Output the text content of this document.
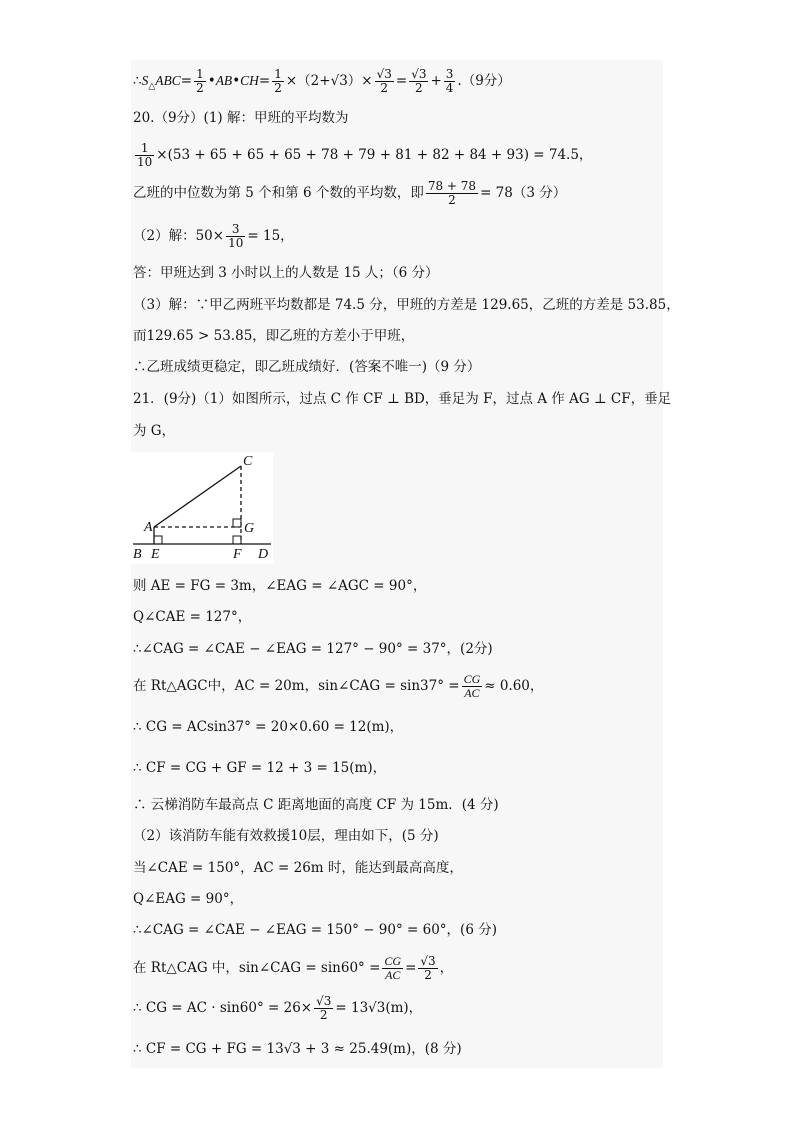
$\therefore S_\triangle ABC= \frac{1}{2}$ •AB•CH= $\frac{1}{2} \times(2+√3)\times \frac{√3}{2} = \frac{√3}{2} + \frac{3}{4} .(9$分）
20.（9分）(1) 解：甲班的平均数为
$\frac{1}{10} \times(53 + 65 + 65 + 65 + 78 + 79 + 81 + 82 + 84 + 93) = 74.5$，
乙班的中位数为第 5 个和第 6 个数的平均数，即 $\frac{78 + 78}{2} = 78(3$ 分）
（2）解：$50\times \frac{3}{10} = 15$，
答：甲班达到 3 小时以上的人数是 15 人；（6 分）
（3）解：∵甲乙两班平均数都是 74.5 分，甲班的方差是 129.65，乙班的方差是 53.85，
而129.65 > 53.85，即乙班的方差小于甲班，
∴乙班成绩更稳定，即乙班成绩好．(答案不唯一)（9 分）
21．(9分)（1）如图所示，过点 C 作 CF ⊥ BD，垂足为 F，过点 A 作 AG ⊥ CF，垂足
为 G，
C
A	G
B E	F D
则 AE = FG = 3m，∠EAG = ∠AGC = 90°，
Q∠CAE = 127°，
∴∠CAG = ∠CAE − ∠EAG = 127° − 90° = 37°，(2分)
在 Rt△AGC中，AC = 20m，sin∠CAG = $\sin 37^\circ = \frac{CG}{AC} \approx 0.60$，
∴ CG = ACsin37° = 20×0.60 = 12(m)，
∴ CF = CG + GF = 12 + 3 = 15(m)，
∴ 云梯消防车最高点 C 距离地面的高度 CF 为 15m．(4 分)
（2）该消防车能有效救援10层，理由如下，(5 分)
当∠CAE = 150°，AC = 26m 时，能达到最高高度，
Q∠EAG = 90°，
∴∠CAG = ∠CAE − ∠EAG = 150° − 90° = 60°，(6 分)
在 Rt△CAG 中，sin∠CAG = $\sin 60^\circ = \frac{CG}{AC} = \frac{√3}{2}$ ，
∴ CG = AC · $\sin 60^\circ = 26\times \frac{√3}{2} = 13√3(m)$，
∴ CF = CG + FG = 13√3 + 3 ≈ 25.49(m)，(8 分)
